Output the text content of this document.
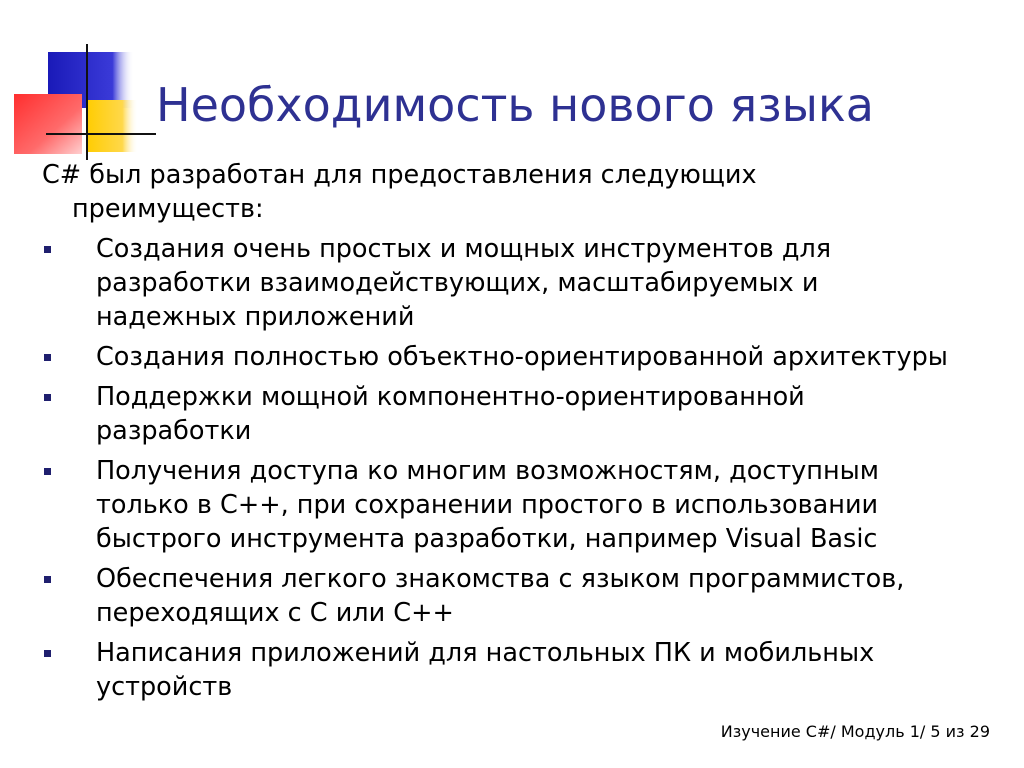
Необходимость нового языка
C# был разработан для предоставления следующих
преимуществ:
Создания очень простых и мощных инструментов для
разработки взаимодействующих, масштабируемых и
надежных приложений
Создания полностью объектно-ориентированной архитектуры
Поддержки мощной компонентно-ориентированной
разработки
Получения доступа ко многим возможностям, доступным
только в C++, при сохранении простого в использовании
быстрого инструмента разработки, например Visual Basic
Обеспечения легкого знакомства с языком программистов,
переходящих с С или С++
Написания приложений для настольных ПК и мобильных
устройств
Изучение C#/ Модуль 1/ 5 из 29
